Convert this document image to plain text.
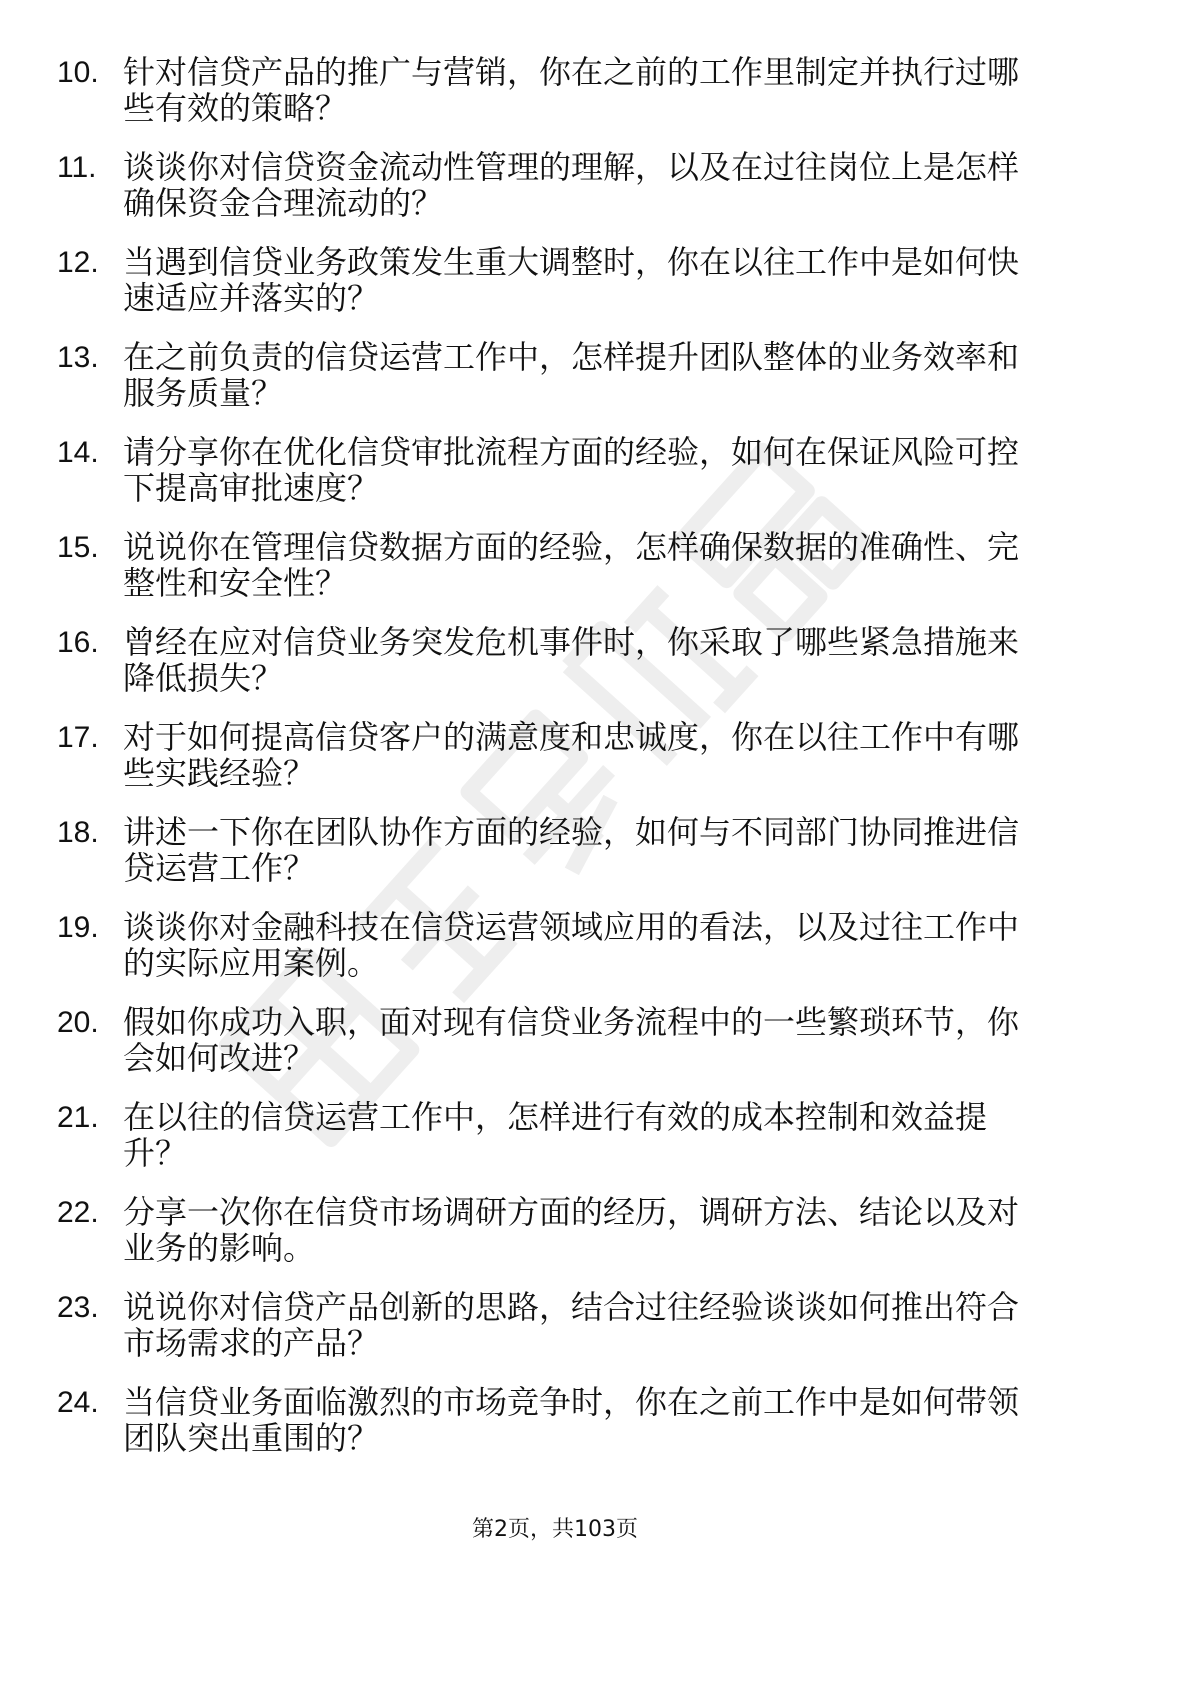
10. 针对信贷产品的推广与营销，你在之前的工作里制定并执行过哪些有效的策略？
11. 谈谈你对信贷资金流动性管理的理解，以及在过往岗位上是怎样确保资金合理流动的？
12. 当遇到信贷业务政策发生重大调整时，你在以往工作中是如何快速适应并落实的？
13. 在之前负责的信贷运营工作中，怎样提升团队整体的业务效率和服务质量？
14. 请分享你在优化信贷审批流程方面的经验，如何在保证风险可控下提高审批速度？
15. 说说你在管理信贷数据方面的经验，怎样确保数据的准确性、完整性和安全性？
16. 曾经在应对信贷业务突发危机事件时，你采取了哪些紧急措施来降低损失？
17. 对于如何提高信贷客户的满意度和忠诚度，你在以往工作中有哪些实践经验？
18. 讲述一下你在团队协作方面的经验，如何与不同部门协同推进信贷运营工作？
19. 谈谈你对金融科技在信贷运营领域应用的看法，以及过往工作中的实际应用案例。
20. 假如你成功入职，面对现有信贷业务流程中的一些繁琐环节，你会如何改进？
21. 在以往的信贷运营工作中，怎样进行有效的成本控制和效益提升？
22. 分享一次你在信贷市场调研方面的经历，调研方法、结论以及对业务的影响。
23. 说说你对信贷产品创新的思路，结合过往经验谈谈如何推出符合市场需求的产品？
24. 当信贷业务面临激烈的市场竞争时，你在之前工作中是如何带领团队突出重围的？
第2页，共103页
